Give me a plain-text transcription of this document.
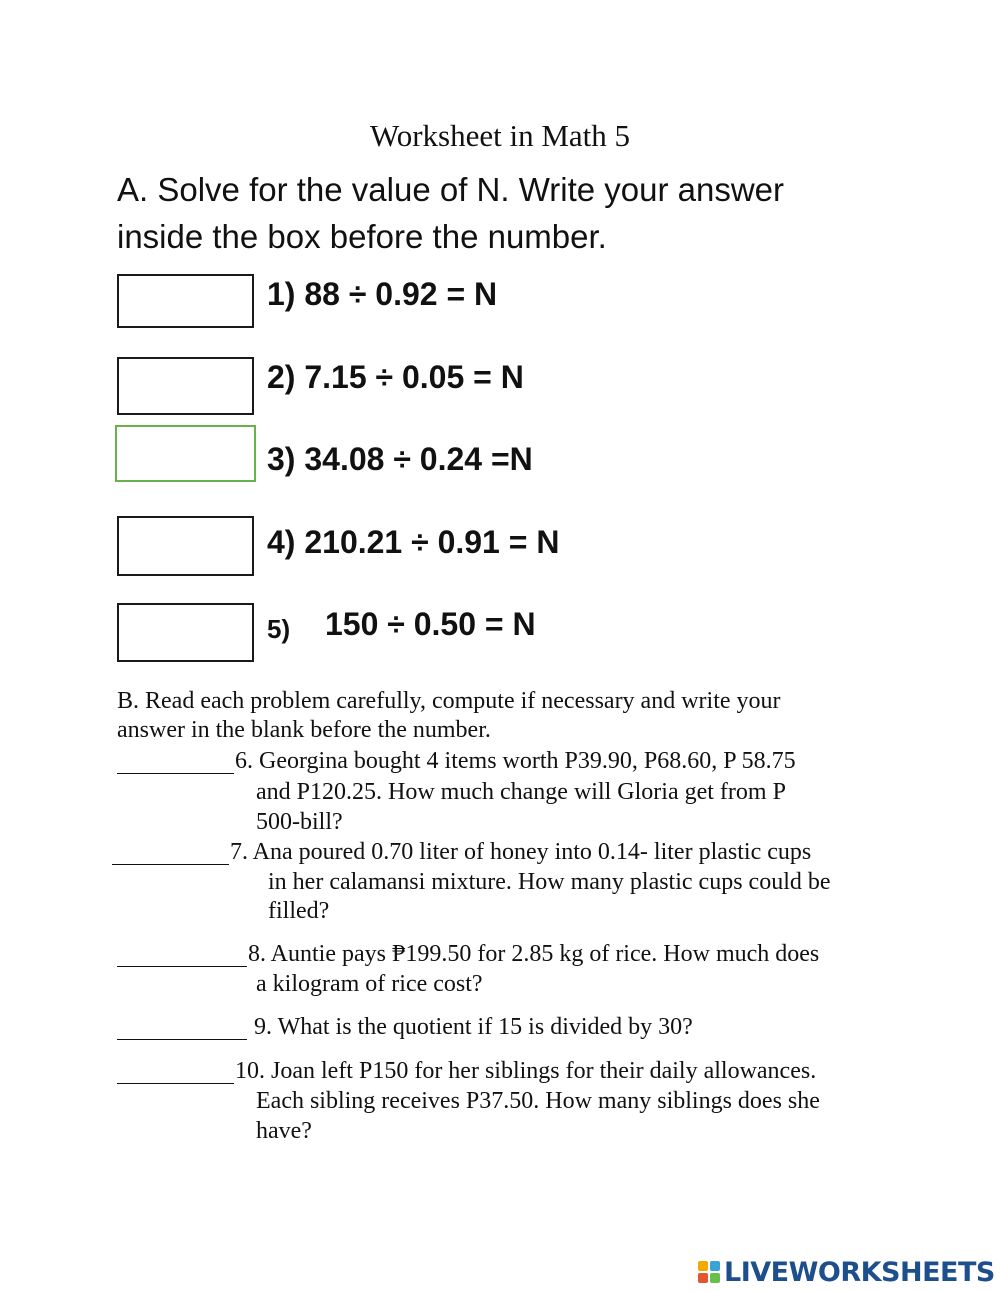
Worksheet in Math 5
A. Solve for the value of N. Write your answer
inside the box before the number.
1) 88 ÷ 0.92 = N
2) 7.15 ÷ 0.05 = N
3) 34.08 ÷ 0.24 =N
4) 210.21 ÷ 0.91 = N
5) 150 ÷ 0.50 = N
B. Read each problem carefully, compute if necessary and write your
answer in the blank before the number.
6. Georgina bought 4 items worth P39.90, P68.60, P 58.75
and P120.25. How much change will Gloria get from P
500-bill?
7. Ana poured 0.70 liter of honey into 0.14- liter plastic cups
in her calamansi mixture. How many plastic cups could be
filled?
8. Auntie pays ₱199.50 for 2.85 kg of rice. How much does
a kilogram of rice cost?
9. What is the quotient if 15 is divided by 30?
10. Joan left P150 for her siblings for their daily allowances.
Each sibling receives P37.50. How many siblings does she
have?
LIVEWORKSHEETS
